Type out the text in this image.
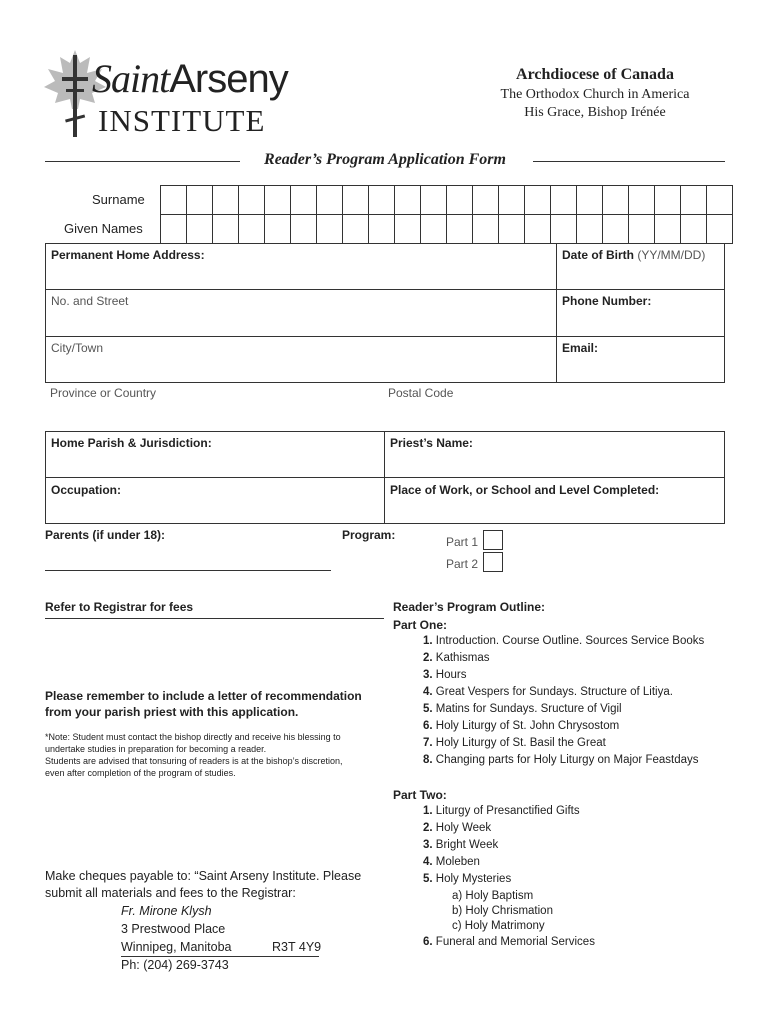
SaintArseny
INSTITUTE
Archdiocese of Canada
The Orthodox Church in America
His Grace, Bishop Irénée
Reader’s Program Application Form
Surname
Given Names
Permanent Home Address:	Date of Birth (YY/MM/DD)
No. and Street	Phone Number:
City/Town	Email:
Province or Country	Postal Code
Home Parish & Jurisdiction:	Priest’s Name:
Occupation:	Place of Work, or School and Level Completed:
Parents (if under 18):	Program:	Part 1
Part 2
Refer to Registrar for fees
Please remember to include a letter of recommendation
from your parish priest with this application.
*Note: Student must contact the bishop directly and receive his blessing to
undertake studies in preparation for becoming a reader.
Students are advised that tonsuring of readers is at the bishop’s discretion,
even after completion of the program of studies.
Make cheques payable to: “Saint Arseny Institute. Please
submit all materials and fees to the Registrar:
Fr. Mirone Klysh
3 Prestwood Place
Winnipeg, Manitoba	R3T 4Y9
Ph: (204) 269-3743
Reader’s Program Outline:
Part One:
1. Introduction. Course Outline. Sources Service Books
2. Kathismas
3. Hours
4. Great Vespers for Sundays. Structure of Litiya.
5. Matins for Sundays. Sructure of Vigil
6. Holy Liturgy of St. John Chrysostom
7. Holy Liturgy of St. Basil the Great
8. Changing parts for Holy Liturgy on Major Feastdays
Part Two:
1. Liturgy of Presanctified Gifts
2. Holy Week
3. Bright Week
4. Moleben
5. Holy Mysteries
a) Holy Baptism
b) Holy Chrismation
c) Holy Matrimony
6. Funeral and Memorial Services
